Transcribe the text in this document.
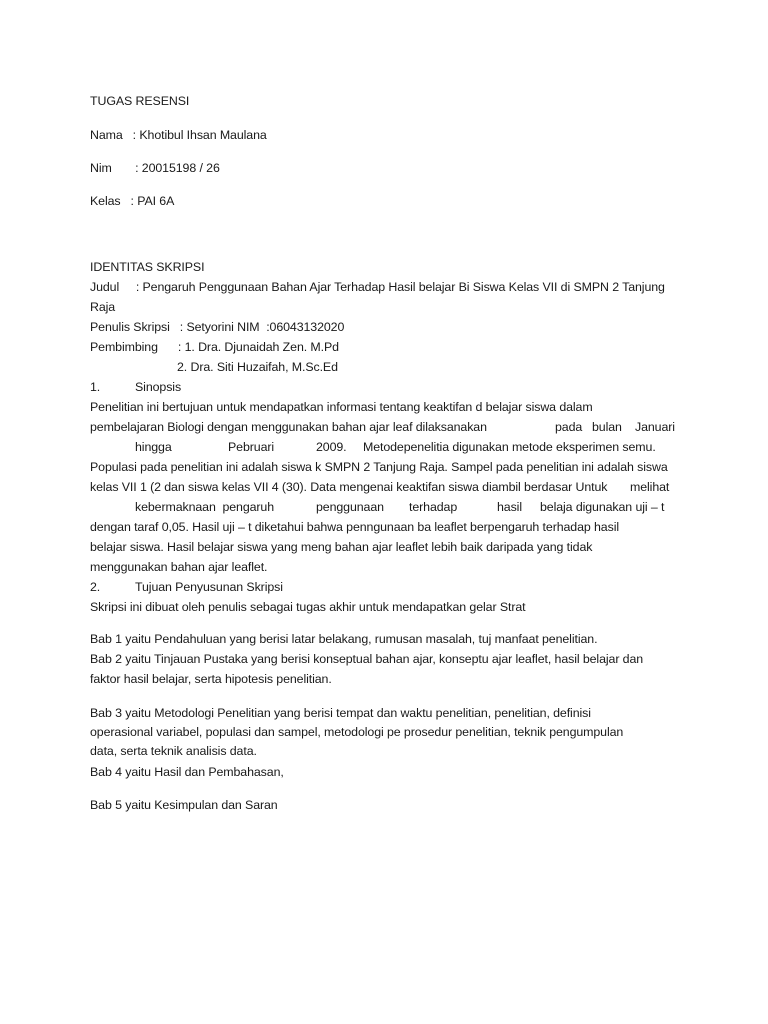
TUGAS RESENSI
Nama   : Khotibul Ihsan Maulana
Nim       : 20015198 / 26
Kelas   : PAI 6A
IDENTITAS SKRIPSI
Judul     : Pengaruh Penggunaan Bahan Ajar Terhadap Hasil belajar Bi Siswa Kelas VII di SMPN 2 Tanjung
Raja
Penulis Skripsi   : Setyorini NIM  :06043132020
Pembimbing      : 1. Dra. Djunaidah Zen. M.Pd
2. Dra. Siti Huzaifah, M.Sc.Ed
1.	Sinopsis
Penelitian ini bertujuan untuk mendapatkan informasi tentang keaktifan d belajar siswa dalam
pembelajaran Biologi dengan menggunakan bahan ajar leaf dilaksanakan	pada bulan Januari
hingga	Pebruari	2009. Metodepenelitia digunakan metode eksperimen semu.
Populasi pada penelitian ini adalah siswa k SMPN 2 Tanjung Raja. Sampel pada penelitian ini adalah siswa
kelas VII 1 (2 dan siswa kelas VII 4 (30). Data mengenai keaktifan siswa diambil berdasar Untuk melihat
kebermaknaan  pengaruh	penggunaan terhadap	hasil belaja digunakan uji – t
dengan taraf 0,05. Hasil uji – t diketahui bahwa penngunaan ba leaflet berpengaruh terhadap hasil
belajar siswa. Hasil belajar siswa yang meng bahan ajar leaflet lebih baik daripada yang tidak
menggunakan bahan ajar leaflet.
2.	Tujuan Penyusunan Skripsi
Skripsi ini dibuat oleh penulis sebagai tugas akhir untuk mendapatkan gelar Strat
Bab 1 yaitu Pendahuluan yang berisi latar belakang, rumusan masalah, tuj manfaat penelitian.
Bab 2 yaitu Tinjauan Pustaka yang berisi konseptual bahan ajar, konseptu ajar leaflet, hasil belajar dan
faktor hasil belajar, serta hipotesis penelitian.
Bab 3 yaitu Metodologi Penelitian yang berisi tempat dan waktu penelitian, penelitian, definisi
operasional variabel, populasi dan sampel, metodologi pe prosedur penelitian, teknik pengumpulan
data, serta teknik analisis data.
Bab 4 yaitu Hasil dan Pembahasan,
Bab 5 yaitu Kesimpulan dan Saran
